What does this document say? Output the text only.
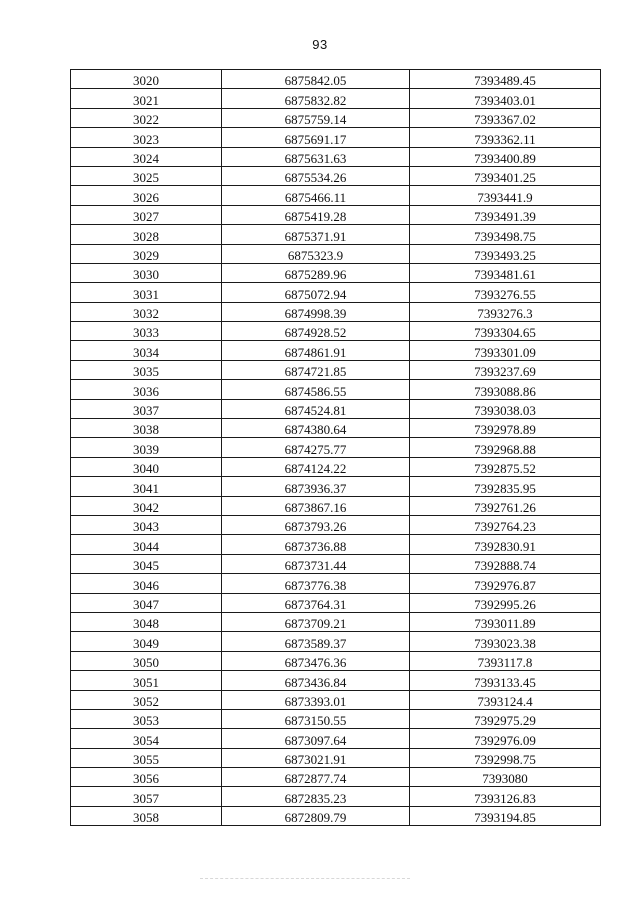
93
3020	6875842.05	7393489.45
3021	6875832.82	7393403.01
3022	6875759.14	7393367.02
3023	6875691.17	7393362.11
3024	6875631.63	7393400.89
3025	6875534.26	7393401.25
3026	6875466.11	7393441.9
3027	6875419.28	7393491.39
3028	6875371.91	7393498.75
3029	6875323.9	7393493.25
3030	6875289.96	7393481.61
3031	6875072.94	7393276.55
3032	6874998.39	7393276.3
3033	6874928.52	7393304.65
3034	6874861.91	7393301.09
3035	6874721.85	7393237.69
3036	6874586.55	7393088.86
3037	6874524.81	7393038.03
3038	6874380.64	7392978.89
3039	6874275.77	7392968.88
3040	6874124.22	7392875.52
3041	6873936.37	7392835.95
3042	6873867.16	7392761.26
3043	6873793.26	7392764.23
3044	6873736.88	7392830.91
3045	6873731.44	7392888.74
3046	6873776.38	7392976.87
3047	6873764.31	7392995.26
3048	6873709.21	7393011.89
3049	6873589.37	7393023.38
3050	6873476.36	7393117.8
3051	6873436.84	7393133.45
3052	6873393.01	7393124.4
3053	6873150.55	7392975.29
3054	6873097.64	7392976.09
3055	6873021.91	7392998.75
3056	6872877.74	7393080
3057	6872835.23	7393126.83
3058	6872809.79	7393194.85
